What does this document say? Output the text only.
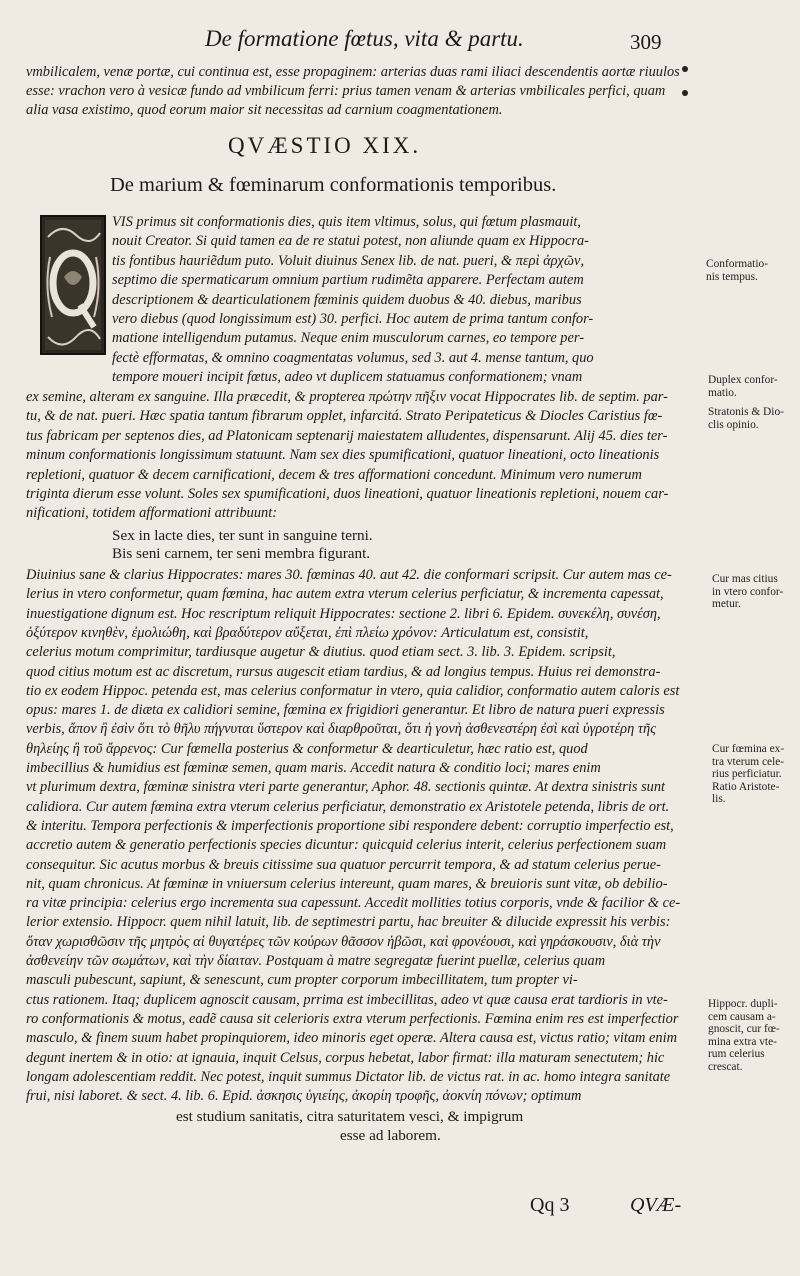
De formatione fœtus, vita & partu.	309
vmbilicalem, venæ portæ, cui continua est, esse propaginem: arterias duas rami iliaci descendentis aortæ riuulos
esse: vrachon vero à vesicæ fundo ad vmbilicum ferri: prius tamen venam & arterias vmbilicales perfici, quam
alia vasa existimo, quod eorum maior sit necessitas ad carnium coagmentationem.
QVÆSTIO XIX.
De marium & fœminarum conformationis temporibus.
VIS primus sit conformationis dies, quis item vltimus, solus, qui fœtum plasmauit,
nouit Creator. Si quid tamen ea de re statui potest, non aliunde quam ex Hippocra-
tis fontibus hauriẽdum puto. Voluit diuinus Senex lib. de nat. pueri, & περὶ ἀρχῶν,
septimo die spermaticarum omnium partium rudimẽta apparere. Perfectam autem
descriptionem & dearticulationem fœminis quidem duobus & 40. diebus, maribus
vero diebus (quod longissimum est) 30. perfici. Hoc autem de prima tantum confor-
matione intelligendum putamus. Neque enim musculorum carnes, eo tempore per-
fectè efformatas, & omnino coagmentatas volumus, sed 3. aut 4. mense tantum, quo
tempore moueri incipit fœtus, adeo vt duplicem statuamus conformationem; vnam
ex semine, alteram ex sanguine. Illa præcedit, & propterea πρώτην πῆξιν vocat Hippocrates lib. de septim. par-
tu, & de nat. pueri. Hæc spatia tantum fibrarum opplet, infarcitá. Strato Peripateticus & Diocles Caristius fœ-
tus fabricam per septenos dies, ad Platonicam septenarij maiestatem alludentes, dispensarunt. Alij 45. dies ter-
minum conformationis longissimum statuunt. Nam sex dies spumificationi, quatuor lineationi, octo lineationis
repletioni, quatuor & decem carnificationi, decem & tres afformationi concedunt. Minimum vero numerum
triginta dierum esse volunt. Soles sex spumificationi, duos lineationi, quatuor lineationis repletioni, nouem car-
nificationi, totidem afformationi attribuunt:
Sex in lacte dies, ter sunt in sanguine terni.
Bis seni carnem, ter seni membra figurant.
Diuinius sane & clarius Hippocrates: mares 30. fœminas 40. aut 42. die conformari scripsit. Cur autem mas ce-
lerius in vtero conformetur, quam fœmina, hac autem extra vterum celerius perficiatur, & incrementa capessat,
inuestigatione dignum est. Hoc rescriptum reliquit Hippocrates: sectione 2. libri 6. Epidem. συνεκέλη, συνέση,
ὀξύτερον κινηθὲν, ἐμολιώθη, καὶ βραδύτερον αὔξεται, ἐπὶ πλείω χρόνον: Articulatum est, consistit,
celerius motum comprimitur, tardiusque augetur & diutius. quod etiam sect. 3. lib. 3. Epidem. scripsit,
quod citius motum est ac discretum, rursus augescit etiam tardius, & ad longius tempus. Huius rei demonstra-
tio ex eodem Hippoc. petenda est, mas celerius conformatur in vtero, quia calidior, conformatio autem caloris est
opus: mares 1. de diæta ex calidiori semine, fœmina ex frigidiori generantur. Et libro de natura pueri expressis
verbis, ἄπον ἢ ἐσὶν ὅτι τὸ θῆλυ πήγνυται ὕστερον καὶ διαρθροῦται, ὅτι ἡ γονὴ ἀσθενεστέρη ἐσὶ καὶ ὑγροτέρη τῆς
θηλείης ἢ τοῦ ἄρρενος: Cur fœmella posterius & conformetur & dearticuletur, hæc ratio est, quod
imbecillius & humidius est fœminæ semen, quam maris. Accedit natura & conditio loci; mares enim
vt plurimum dextra, fœminæ sinistra vteri parte generantur, Aphor. 48. sectionis quintæ. At dextra sinistris sunt
calidiora. Cur autem fœmina extra vterum celerius perficiatur, demonstratio ex Aristotele petenda, libris de ort.
& interitu. Tempora perfectionis & imperfectionis proportione sibi respondere debent: corruptio imperfectio est,
accretio autem & generatio perfectionis species dicuntur: quicquid celerius interit, celerius perfectionem suam
consequitur. Sic acutus morbus & breuis citissime sua quatuor percurrit tempora, & ad statum celerius perue-
nit, quam chronicus. At fœminæ in vniuersum celerius intereunt, quam mares, & breuioris sunt vitæ, ob debilio-
ra vitæ principia: celerius ergo incrementa sua capessunt. Accedit mollities totius corporis, vnde & facilior & ce-
lerior extensio. Hippocr. quem nihil latuit, lib. de septimestri partu, hac breuiter & dilucide expressit his verbis:
ὅταν χωρισθῶσιν τῆς μητρὸς αἱ θυγατέρες τῶν κούρων θᾶσσον ἡβῶσι, καὶ φρονέουσι, καὶ γηράσκουσιν, διὰ τὴν
ἀσθενείην τῶν σωμάτων, καὶ τὴν δίαιταν. Postquam à matre segregatæ fuerint puellæ, celerius quam
masculi pubescunt, sapiunt, & senescunt, cum propter corporum imbecillitatem, tum propter vi-
ctus rationem. Itaq; duplicem agnoscit causam, prrima est imbecillitas, adeo vt quæ causa erat tardioris in vte-
ro conformationis & motus, eadẽ causa sit celerioris extra vterum perfectionis. Fœmina enim res est imperfectior
masculo, & finem suum habet propinquiorem, ideo minoris eget operæ. Altera causa est, victus ratio; vitam enim
degunt inertem & in otio: at ignauia, inquit Celsus, corpus hebetat, labor firmat: illa maturam senectutem; hic
longam adolescentiam reddit. Nec potest, inquit summus Dictator lib. de victus rat. in ac. homo integra sanitate
frui, nisi laboret. & sect. 4. lib. 6. Epid. ἀσκησις ὑγιείης, ἀκορίη τροφῆς, ἀοκνίη πόνων; optimum
est studium sanitatis, citra saturitatem vesci, & impigrum
esse ad laborem.
Conformatio-
nis tempus.
Duplex confor-
matio.
Stratonis & Dio-
clis opinio.
Cur mas citius
in vtero confor-
metur.
Cur fœmina ex-
tra vterum cele-
rius perficiatur.
Ratio Aristote-
lis.
Hippocr. dupli-
cem causam a-
gnoscit, cur fœ-
mina extra vte-
rum celerius
crescat.
Qq 3	QVÆ-
